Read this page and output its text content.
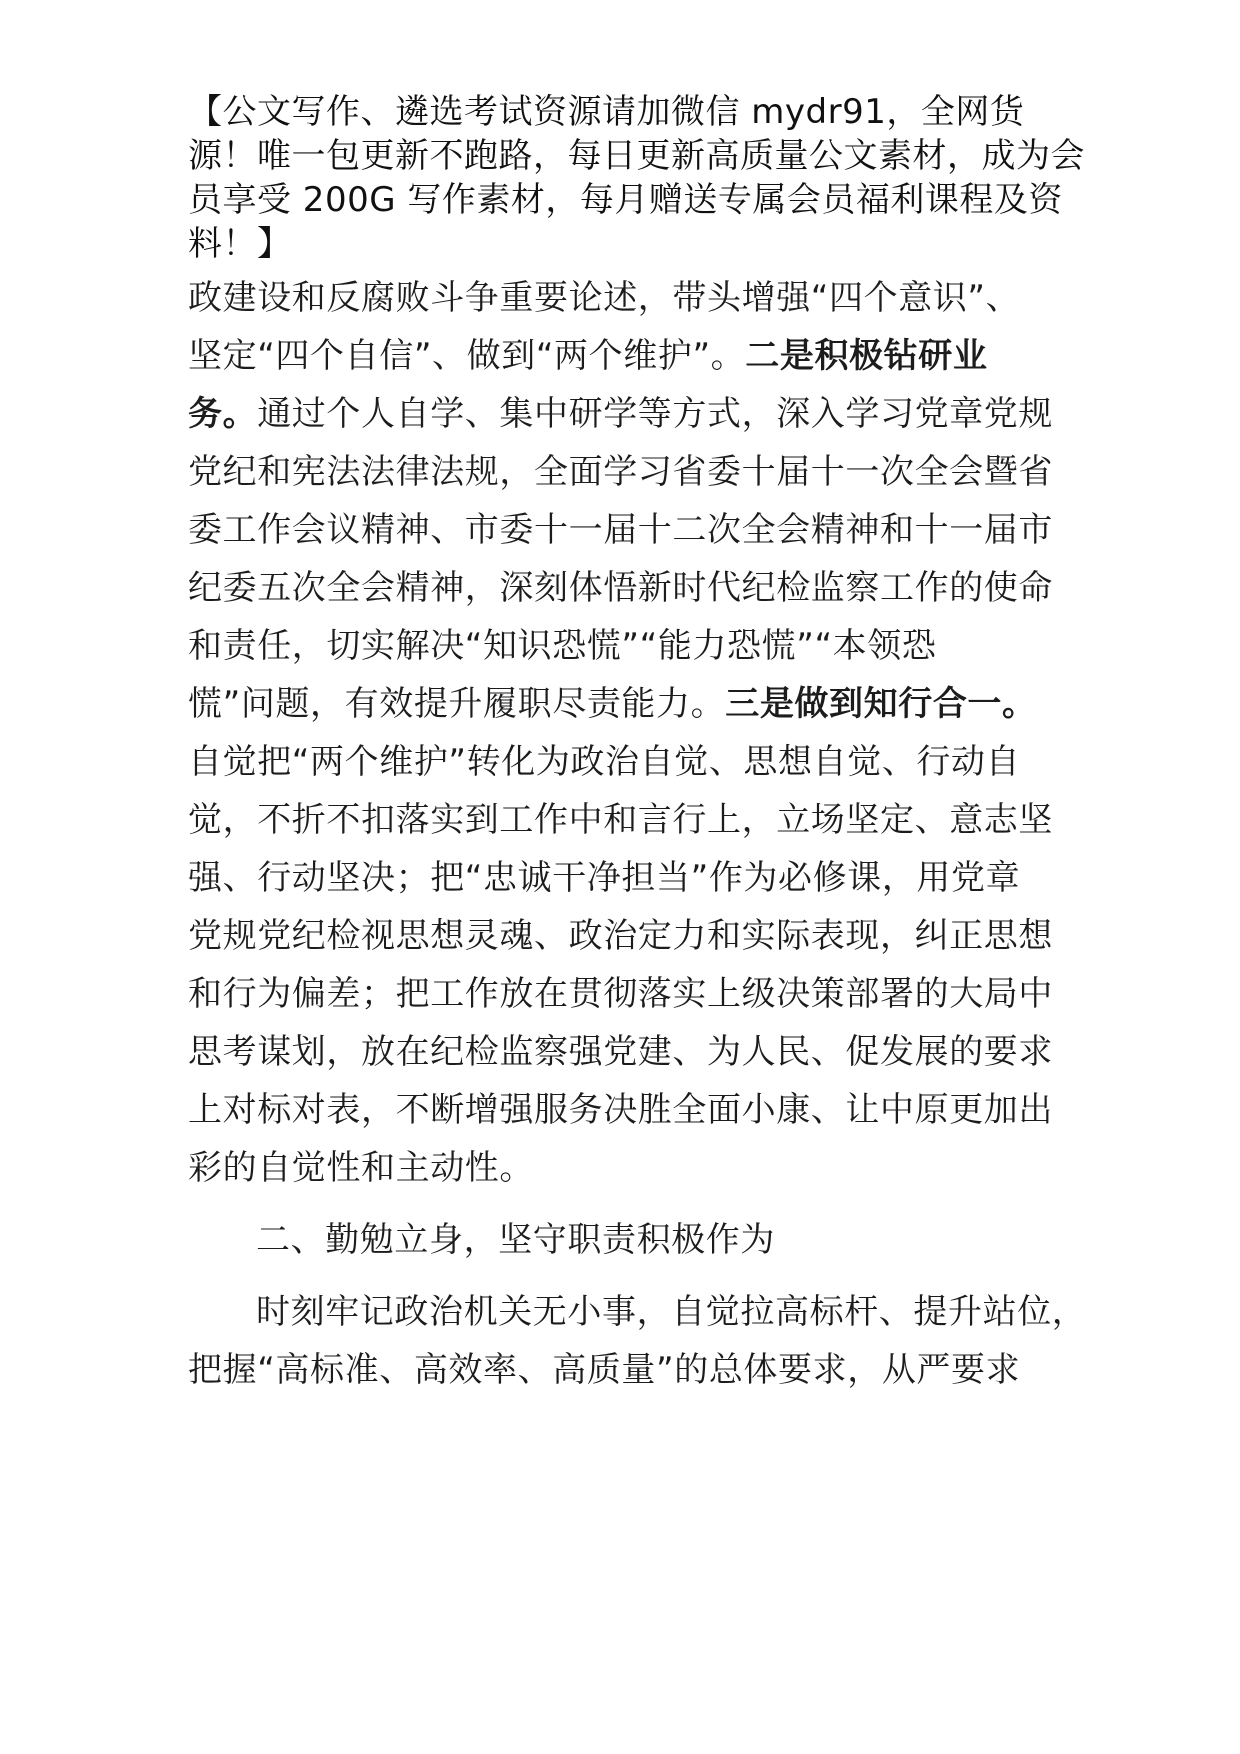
【公文写作、遴选考试资源请加微信 mydr91，全网货源！唯一包更新不跑路，每日更新高质量公文素材，成为会员享受 200G 写作素材，每月赠送专属会员福利课程及资料！】
政建设和反腐败斗争重要论述，带头增强“四个意识”、
坚定“四个自信”、做到“两个维护”。二是积极钻研业
务。通过个人自学、集中研学等方式，深入学习党章党规
党纪和宪法法律法规，全面学习省委十届十一次全会暨省
委工作会议精神、市委十一届十二次全会精神和十一届市
纪委五次全会精神，深刻体悟新时代纪检监察工作的使命
和责任，切实解决“知识恐慌”“能力恐慌”“本领恐
慌”问题，有效提升履职尽责能力。三是做到知行合一。
自觉把“两个维护”转化为政治自觉、思想自觉、行动自
觉，不折不扣落实到工作中和言行上，立场坚定、意志坚
强、行动坚决；把“忠诚干净担当”作为必修课，用党章
党规党纪检视思想灵魂、政治定力和实际表现，纠正思想
和行为偏差；把工作放在贯彻落实上级决策部署的大局中
思考谋划，放在纪检监察强党建、为人民、促发展的要求
上对标对表，不断增强服务决胜全面小康、让中原更加出
彩的自觉性和主动性。
二、勤勉立身，坚守职责积极作为
时刻牢记政治机关无小事，自觉拉高标杆、提升站位，
把握“高标准、高效率、高质量”的总体要求，从严要求
